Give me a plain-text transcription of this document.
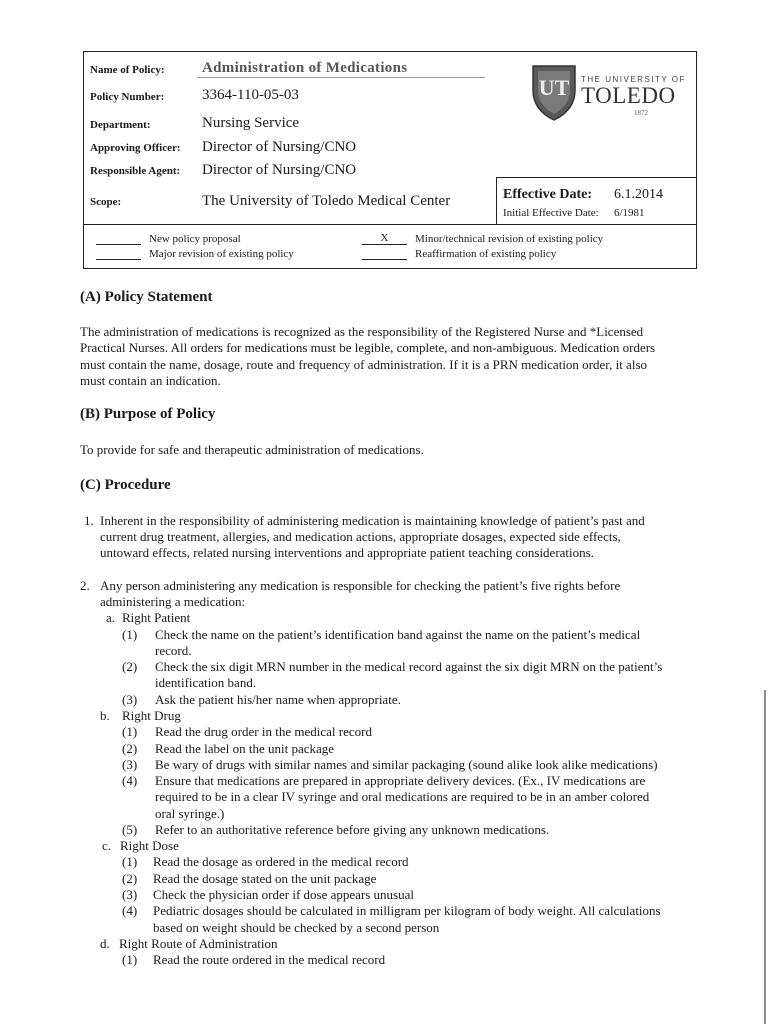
Name of Policy: Administration of Medications
Policy Number:	3364-110-05-03
Department:	Nursing Service
Approving Officer: Director of Nursing/CNO
Responsible Agent: Director of Nursing/CNO
Scope:	The University of Toledo Medical Center
UT THE UNIVERSITY OF
TOLEDO
1872
Effective Date: 6.1.2014
Initial Effective Date: 6/1981
New policy proposal
Major revision of existing policy
X Minor/technical revision of existing policy
Reaffirmation of existing policy
(A) Policy Statement
The administration of medications is recognized as the responsibility of the Registered Nurse and *Licensed
Practical Nurses. All orders for medications must be legible, complete, and non-ambiguous. Medication orders
must contain the name, dosage, route and frequency of administration. If it is a PRN medication order, it also
must contain an indication.
(B) Purpose of Policy
To provide for safe and therapeutic administration of medications.
(C) Procedure
1. Inherent in the responsibility of administering medication is maintaining knowledge of patient’s past and
current drug treatment, allergies, and medication actions, appropriate dosages, expected side effects,
untoward effects, related nursing interventions and appropriate patient teaching considerations.
2. Any person administering any medication is responsible for checking the patient’s five rights before
administering a medication:
a. Right Patient
(1) Check the name on the patient’s identification band against the name on the patient’s medical
record.
(2) Check the six digit MRN number in the medical record against the six digit MRN on the patient’s
identification band.
(3) Ask the patient his/her name when appropriate.
b. Right Drug
(1) Read the drug order in the medical record
(2) Read the label on the unit package
(3) Be wary of drugs with similar names and similar packaging (sound alike look alike medications)
(4) Ensure that medications are prepared in appropriate delivery devices. (Ex., IV medications are
required to be in a clear IV syringe and oral medications are required to be in an amber colored
oral syringe.)
(5) Refer to an authoritative reference before giving any unknown medications.
c. Right Dose
(1) Read the dosage as ordered in the medical record
(2) Read the dosage stated on the unit package
(3) Check the physician order if dose appears unusual
(4) Pediatric dosages should be calculated in milligram per kilogram of body weight. All calculations
based on weight should be checked by a second person
d. Right Route of Administration
(1) Read the route ordered in the medical record
